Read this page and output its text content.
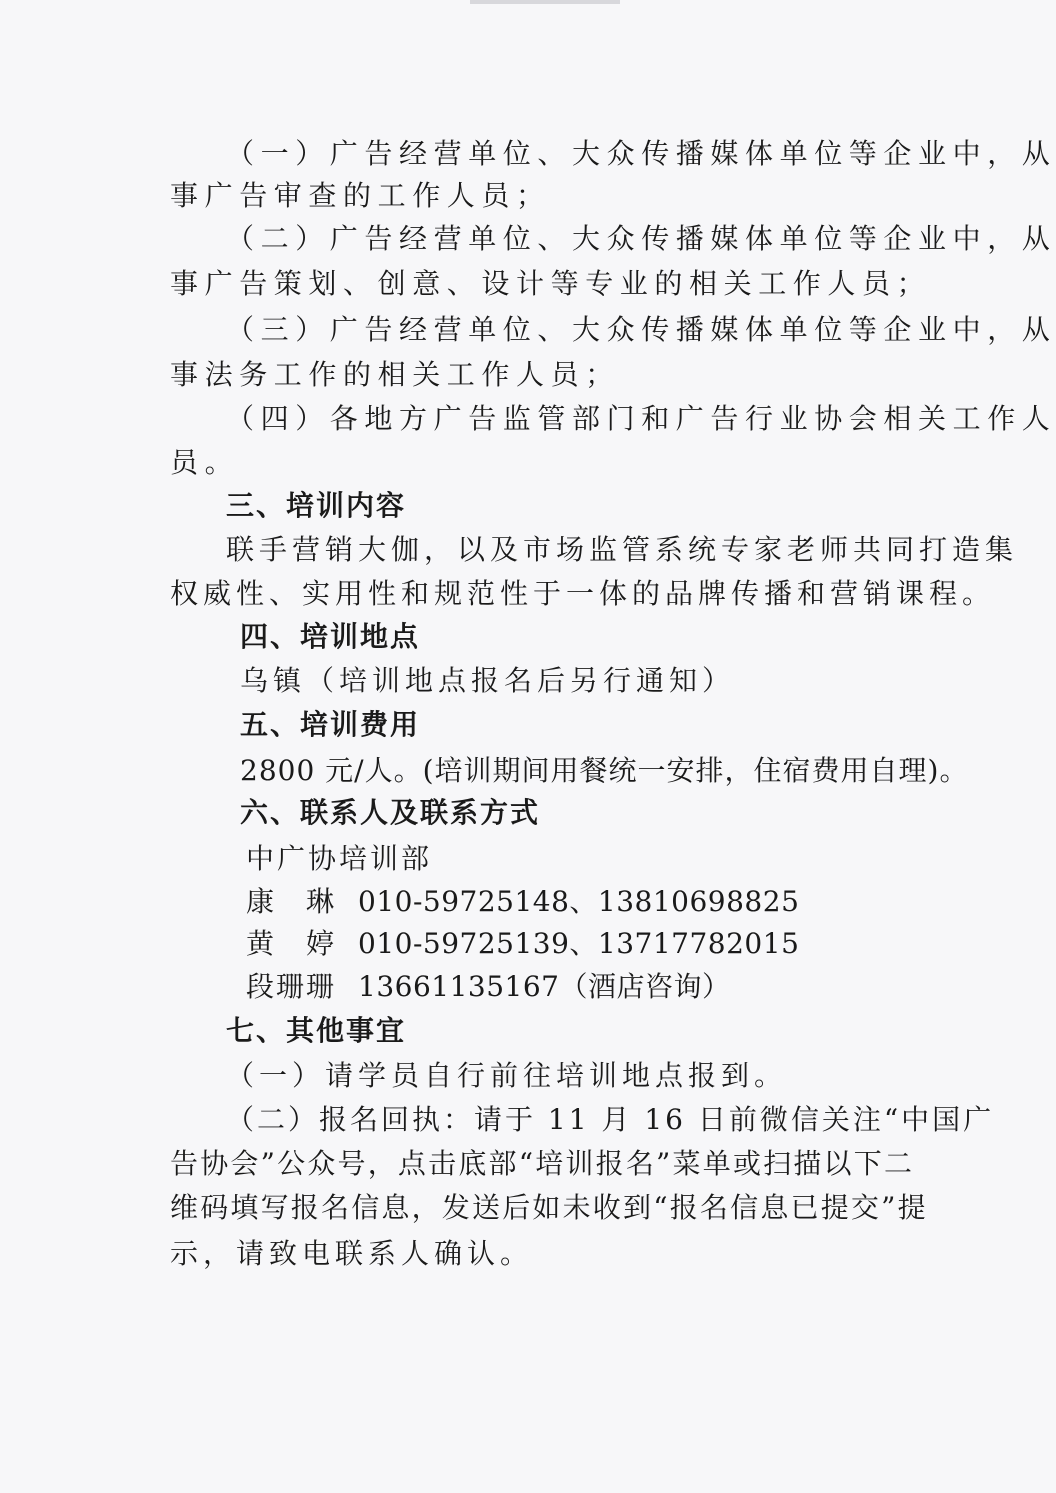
（一）广告经营单位、大众传播媒体单位等企业中，从
事广告审查的工作人员；
（二）广告经营单位、大众传播媒体单位等企业中，从
事广告策划、创意、设计等专业的相关工作人员；
（三）广告经营单位、大众传播媒体单位等企业中，从
事法务工作的相关工作人员；
（四）各地方广告监管部门和广告行业协会相关工作人
员。
三、培训内容
联手营销大伽，以及市场监管系统专家老师共同打造集
权威性、实用性和规范性于一体的品牌传播和营销课程。
四、培训地点
乌镇（培训地点报名后另行通知）
五、培训费用
2800 元/人。(培训期间用餐统一安排，住宿费用自理)。
六、联系人及联系方式
中广协培训部
康　琳 010-59725148、13810698825
黄　婷 010-59725139、13717782015
段珊珊 13661135167（酒店咨询）
七、其他事宜
（一）请学员自行前往培训地点报到。
（二）报名回执：请于 11 月 16 日前微信关注“中国广
告协会”公众号，点击底部“培训报名”菜单或扫描以下二
维码填写报名信息，发送后如未收到“报名信息已提交”提
示，请致电联系人确认。
